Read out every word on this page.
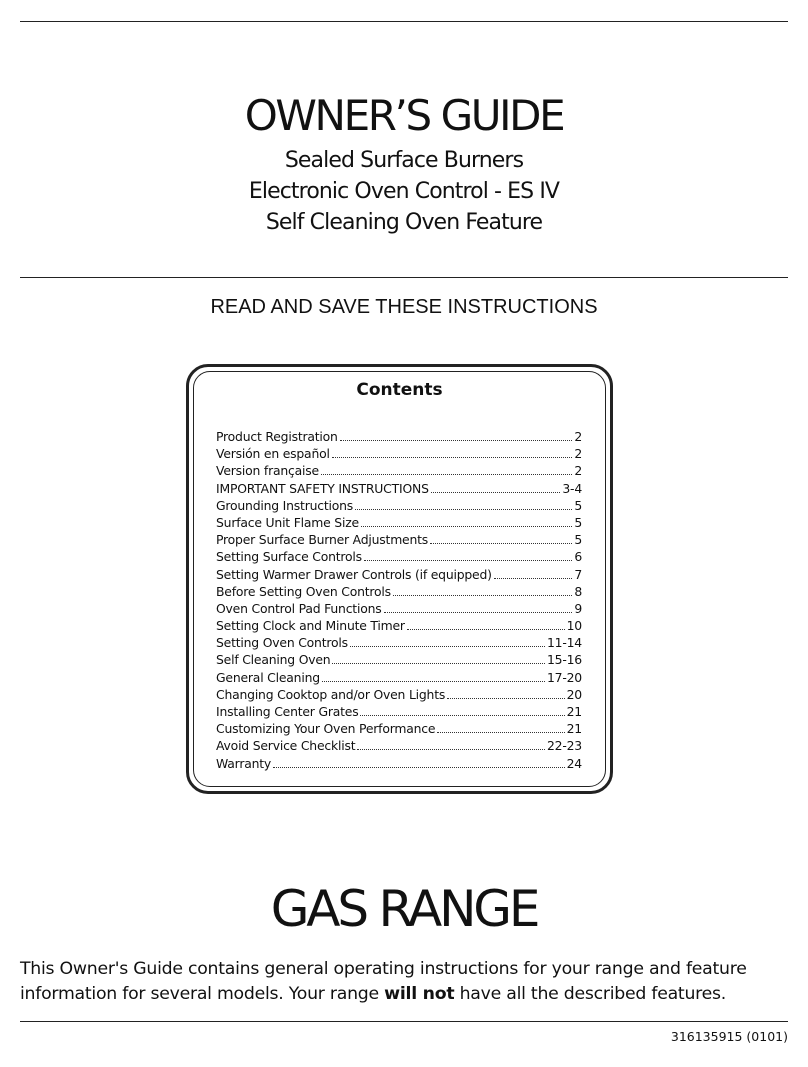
OWNER’S GUIDE
Sealed Surface Burners
Electronic Oven Control - ES IV
Self Cleaning Oven Feature
READ AND SAVE THESE INSTRUCTIONS
Contents
Product Registration	2
Versión en español	2
Version française	2
IMPORTANT SAFETY INSTRUCTIONS	3-4
Grounding Instructions	5
Surface Unit Flame Size	5
Proper Surface Burner Adjustments	5
Setting Surface Controls	6
Setting Warmer Drawer Controls (if equipped)	7
Before Setting Oven Controls	8
Oven Control Pad Functions	9
Setting Clock and Minute Timer	10
Setting Oven Controls	11-14
Self Cleaning Oven	15-16
General Cleaning	17-20
Changing Cooktop and/or Oven Lights	20
Installing Center Grates	21
Customizing Your Oven Performance	21
Avoid Service Checklist	22-23
Warranty	24
GAS RANGE
This Owner's Guide contains general operating instructions for your range and feature information for several models. Your range will not have all the described features.
316135915 (0101)
